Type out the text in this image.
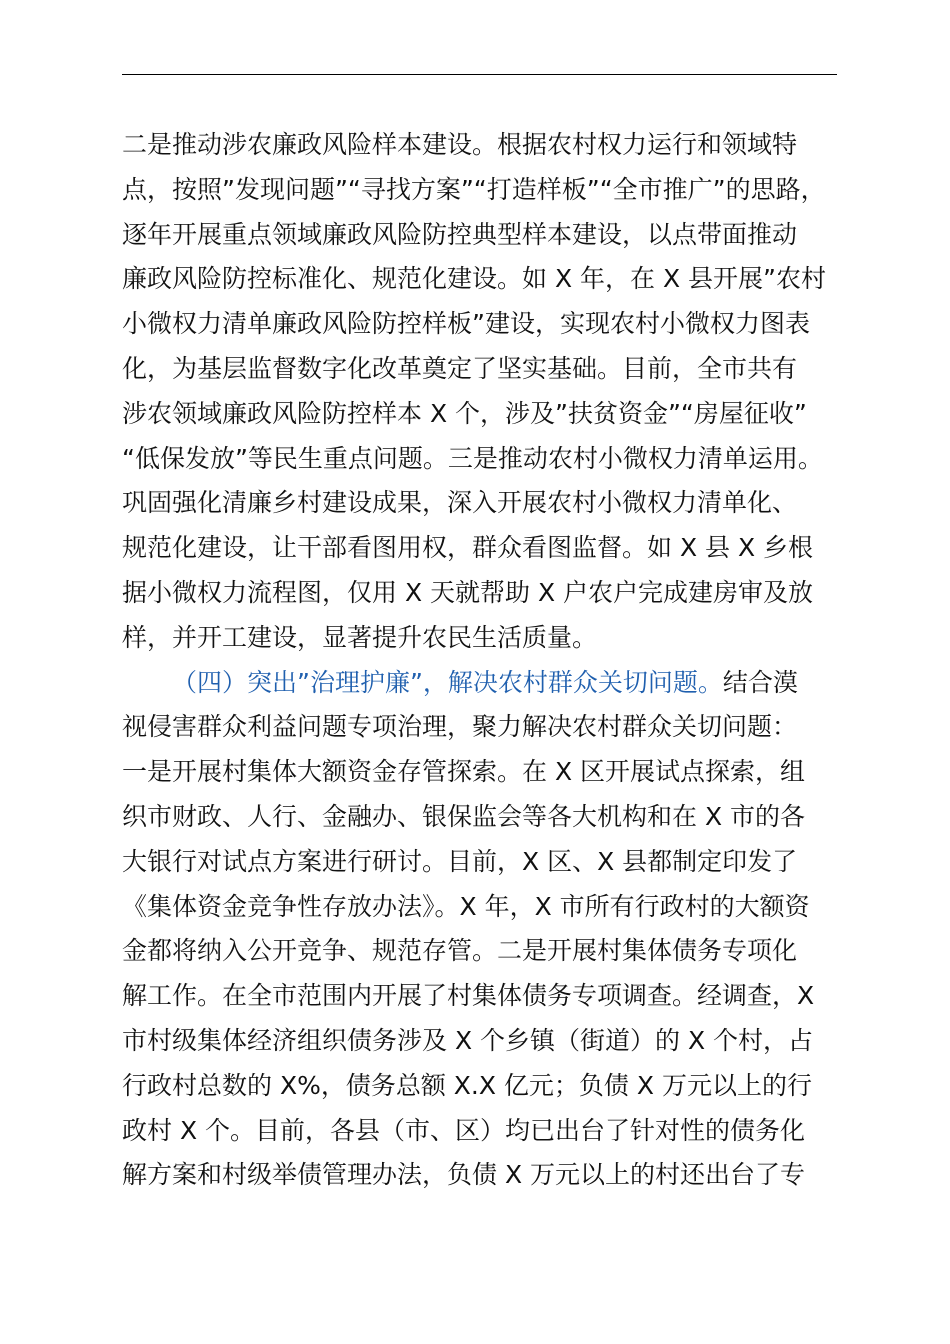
二是推动涉农廉政风险样本建设。根据农村权力运行和领域特
点，按照”发现问题”“寻找方案”“打造样板”“全市推广”的思路，
逐年开展重点领域廉政风险防控典型样本建设，以点带面推动
廉政风险防控标准化、规范化建设。如 X 年，在 X 县开展”农村
小微权力清单廉政风险防控样板”建设，实现农村小微权力图表
化，为基层监督数字化改革奠定了坚实基础。目前，全市共有
涉农领域廉政风险防控样本 X 个，涉及”扶贫资金”“房屋征收”
“低保发放”等民生重点问题。三是推动农村小微权力清单运用。
巩固强化清廉乡村建设成果，深入开展农村小微权力清单化、
规范化建设，让干部看图用权，群众看图监督。如 X 县 X 乡根
据小微权力流程图，仅用 X 天就帮助 X 户农户完成建房审及放
样，并开工建设，显著提升农民生活质量。
（四）突出”治理护廉”，解决农村群众关切问题。结合漠
视侵害群众利益问题专项治理，聚力解决农村群众关切问题：
一是开展村集体大额资金存管探索。在 X 区开展试点探索，组
织市财政、人行、金融办、银保监会等各大机构和在 X 市的各
大银行对试点方案进行研讨。目前，X 区、X 县都制定印发了
《集体资金竞争性存放办法》。X 年，X 市所有行政村的大额资
金都将纳入公开竞争、规范存管。二是开展村集体债务专项化
解工作。在全市范围内开展了村集体债务专项调查。经调查，X
市村级集体经济组织债务涉及 X 个乡镇（街道）的 X 个村，占
行政村总数的 X%，债务总额 X.X 亿元；负债 X 万元以上的行
政村 X 个。目前，各县（市、区）均已出台了针对性的债务化
解方案和村级举债管理办法，负债 X 万元以上的村还出台了专
